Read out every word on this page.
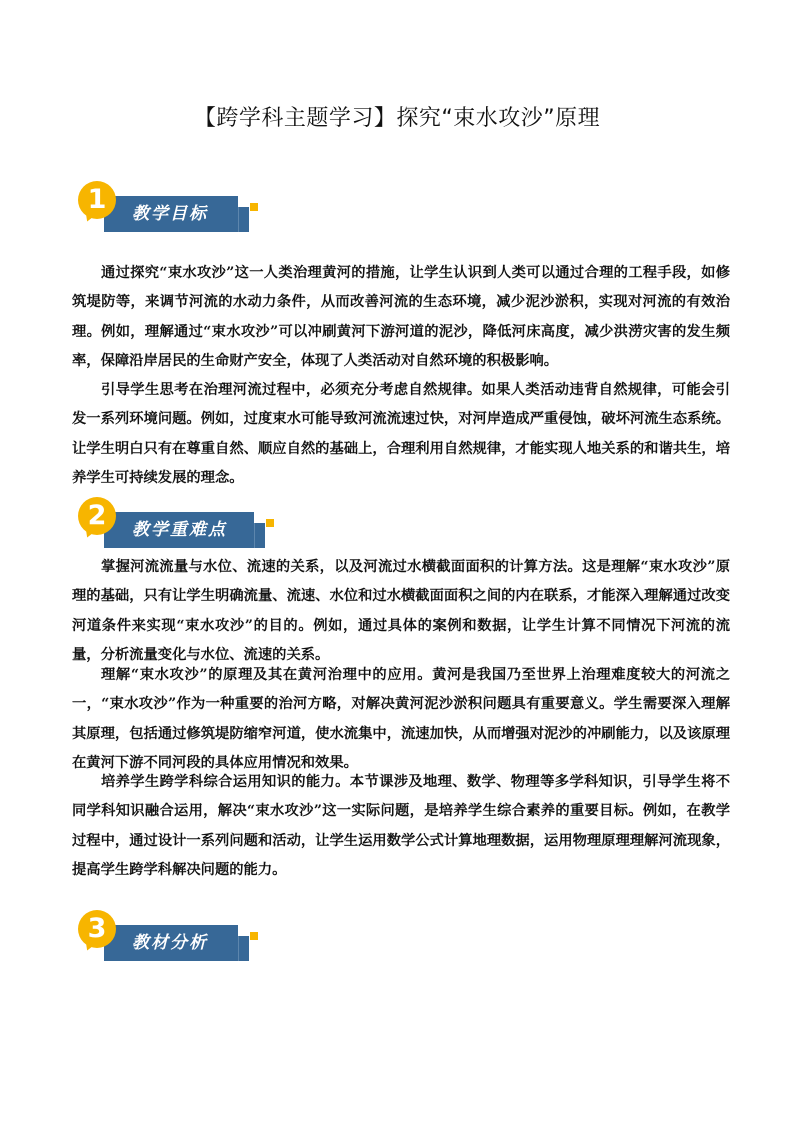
【跨学科主题学习】探究“束水攻沙”原理
1	教学目标
通过探究“束水攻沙”这一人类治理黄河的措施，让学生认识到人类可以通过合理的工程手段，如修筑堤防等，来调节河流的水动力条件，从而改善河流的生态环境，减少泥沙淤积，实现对河流的有效治理。例如，理解通过“束水攻沙”可以冲刷黄河下游河道的泥沙，降低河床高度，减少洪涝灾害的发生频率，保障沿岸居民的生命财产安全，体现了人类活动对自然环境的积极影响。
引导学生思考在治理河流过程中，必须充分考虑自然规律。如果人类活动违背自然规律，可能会引发一系列环境问题。例如，过度束水可能导致河流流速过快，对河岸造成严重侵蚀，破坏河流生态系统。让学生明白只有在尊重自然、顺应自然的基础上，合理利用自然规律，才能实现人地关系的和谐共生，培养学生可持续发展的理念。
2	教学重难点
掌握河流流量与水位、流速的关系，以及河流过水横截面面积的计算方法。这是理解“束水攻沙”原理的基础，只有让学生明确流量、流速、水位和过水横截面面积之间的内在联系，才能深入理解通过改变河道条件来实现“束水攻沙”的目的。例如，通过具体的案例和数据，让学生计算不同情况下河流的流量，分析流量变化与水位、流速的关系。
理解“束水攻沙”的原理及其在黄河治理中的应用。黄河是我国乃至世界上治理难度较大的河流之一，“束水攻沙”作为一种重要的治河方略，对解决黄河泥沙淤积问题具有重要意义。学生需要深入理解其原理，包括通过修筑堤防缩窄河道，使水流集中，流速加快，从而增强对泥沙的冲刷能力，以及该原理在黄河下游不同河段的具体应用情况和效果。
培养学生跨学科综合运用知识的能力。本节课涉及地理、数学、物理等多学科知识，引导学生将不同学科知识融合运用，解决“束水攻沙”这一实际问题，是培养学生综合素养的重要目标。例如，在教学过程中，通过设计一系列问题和活动，让学生运用数学公式计算地理数据，运用物理原理理解河流现象，提高学生跨学科解决问题的能力。
3	教材分析
